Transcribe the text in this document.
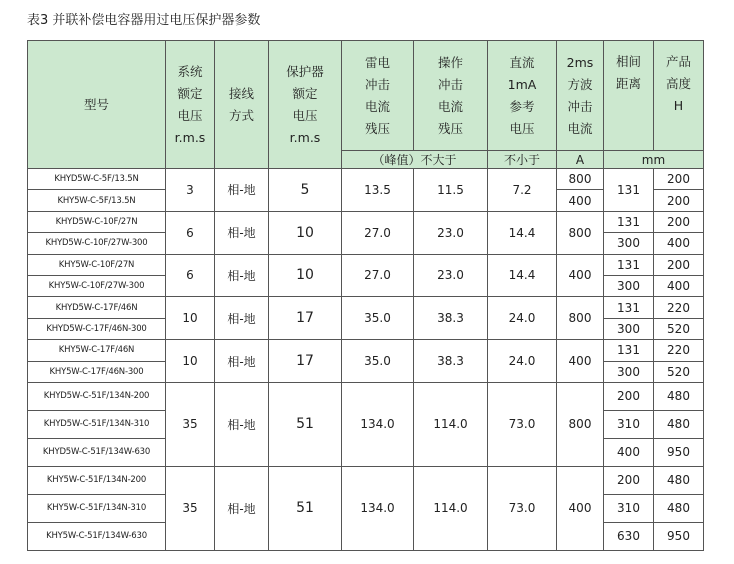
表3 并联补偿电容器用过电压保护器参数
型号	系统
额定
电压
r.m.s	接线
方式	保护器
额定
电压
r.m.s	雷电
冲击
电流
残压	操作
冲击
电流
残压	直流
1mA
参考
电压	2ms
方波
冲击
电流	相间
距离	产品
高度
H

				（峰值）不大于		不小于	A	mm	
KHYD5W-C-5F/13.5N	3	相-地	5	13.5	11.5	7.2	800	131	200
KHY5W-C-5F/13.5N							400		200
KHYD5W-C-10F/27N	6	相-地	10	27.0	23.0	14.4	800	131	200
KHYD5W-C-10F/27W-300								300	400
KHY5W-C-10F/27N	6	相-地	10	27.0	23.0	14.4	400	131	200
KHY5W-C-10F/27W-300								300	400
KHYD5W-C-17F/46N	10	相-地	17	35.0	38.3	24.0	800	131	220
KHYD5W-C-17F/46N-300								300	520
KHY5W-C-17F/46N	10	相-地	17	35.0	38.3	24.0	400	131	220
KHY5W-C-17F/46N-300								300	520
KHYD5W-C-51F/134N-200	35	相-地	51	134.0	114.0	73.0	800	200	480
KHYD5W-C-51F/134N-310								310	480
KHYD5W-C-51F/134W-630								400	950
KHY5W-C-51F/134N-200	35	相-地	51	134.0	114.0	73.0	400	200	480
KHY5W-C-51F/134N-310								310	480
KHY5W-C-51F/134W-630								630	950
